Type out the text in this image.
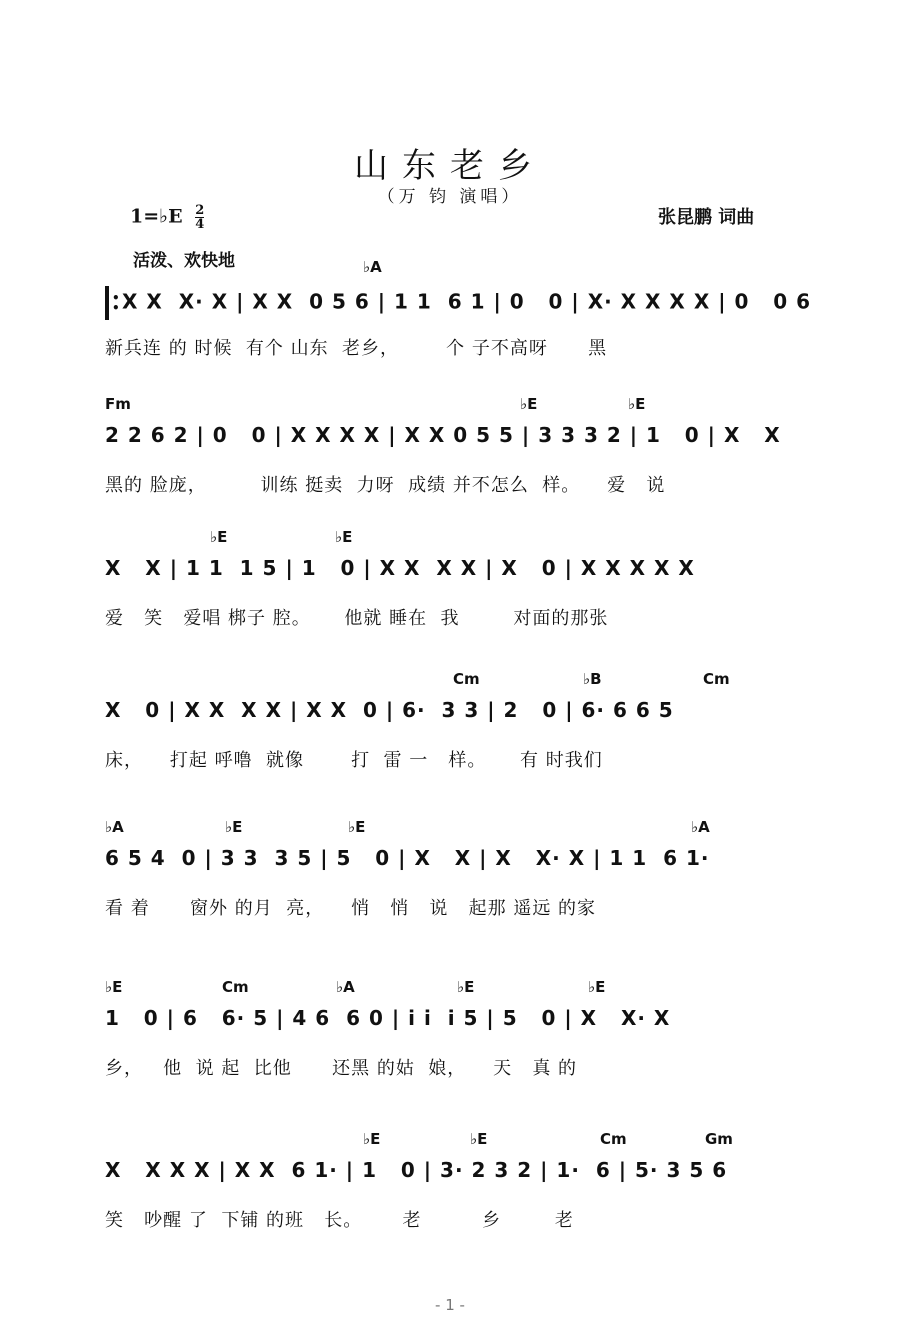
山东老乡
（万 钧 演唱）
1=♭E $\frac{2}{4}$	张昆鹏 词曲
活泼、欢快地	♭A
•
•X X  X· X | X X  0 5 6 | 1 1  6 1 | 0   0 | X· X X X X | 0   0 6
新兵连 的 时候  有个 山东  老乡，       个 子不高呀      黑
Fm	♭E	♭E
2 2 6 2 | 0   0 | X X X X | X X 0 5 5 | 3 3 3 2 | 1   0 | X   X
黑的 脸庞，        训练 挺卖  力呀  成绩 并不怎么  样。    爱   说
♭E	♭E
X   X | 1 1  1 5 | 1   0 | X X  X X | X   0 | X X X X X
爱   笑   爱唱 梆子 腔。     他就 睡在  我        对面的那张
Cm	♭B	Cm
X   0 | X X  X X | X X  0 | 6·  3 3 | 2   0 | 6· 6 6 5
床，    打起 呼噜  就像       打  雷 一   样。     有 时我们
♭A	♭E	♭E	♭A
6 5 4  0 | 3 3  3 5 | 5   0 | X   X | X   X· X | 1 1  6 1·
看 着      窗外 的月  亮，    悄   悄   说   起那 遥远 的家
♭E	Cm	♭A	♭E	♭E
1   0 | 6   6· 5 | 4 6  6 0 | i i  i 5 | 5   0 | X   X· X
乡，   他  说 起  比他      还黑 的姑  娘，    天   真 的
♭E	♭E	Cm	Gm
X   X X X | X X  6 1· | 1   0 | 3· 2 3 2 | 1·  6 | 5· 3 5 6
笑   吵醒 了  下铺 的班   长。      老         乡        老
- 1 -
